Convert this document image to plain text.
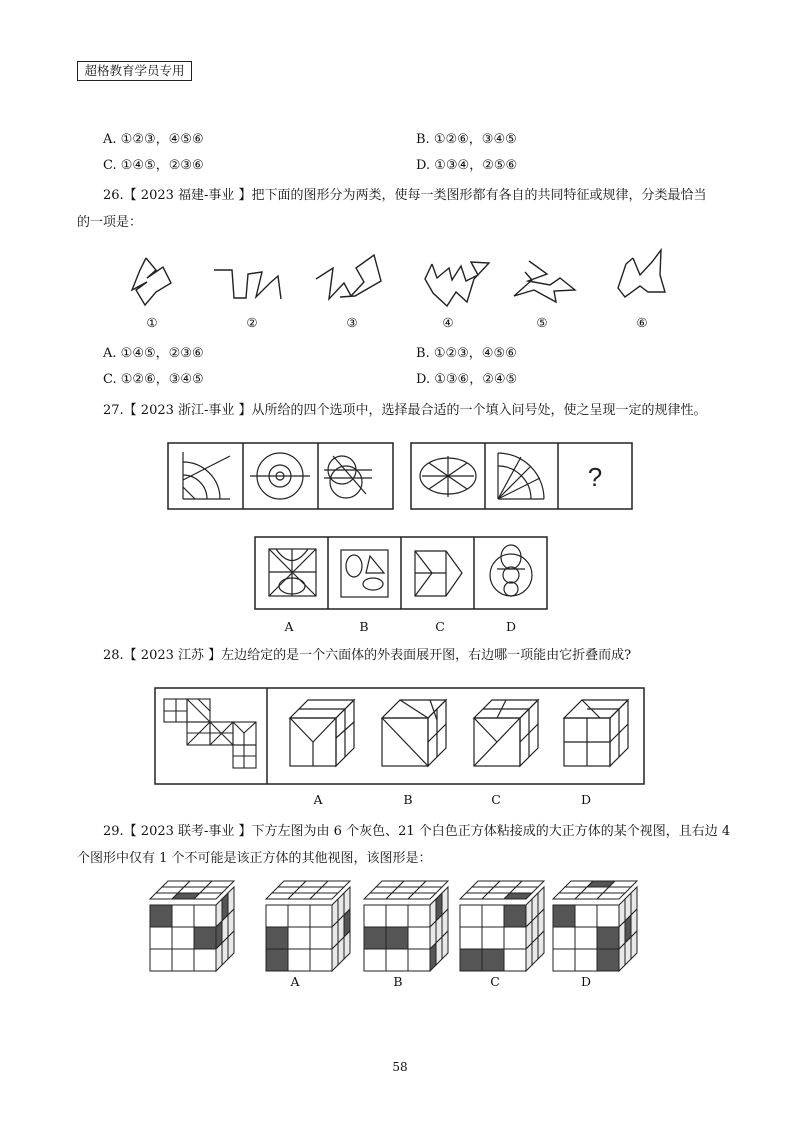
超格教育学员专用
A. ①②③，④⑤⑥	B. ①②⑥，③④⑤
C. ①④⑤，②③⑥	D. ①③④，②⑤⑥
26.【 2023 福建-事业 】把下面的图形分为两类，使每一类图形都有各自的共同特征或规律，分类最恰当
的一项是：
①	②	③	④	⑤	⑥
A. ①④⑤，②③⑥	B. ①②③，④⑤⑥
C. ①②⑥，③④⑤	D. ①③⑥，②④⑤
27.【 2023 浙江-事业 】从所给的四个选项中，选择最合适的一个填入问号处，使之呈现一定的规律性。
?
A	B	C	D
28.【 2023 江苏 】左边给定的是一个六面体的外表面展开图，右边哪一项能由它折叠而成?
A	B	C	D
29.【 2023 联考-事业 】下方左图为由 6 个灰色、21 个白色正方体粘接成的大正方体的某个视图，且右边 4
个图形中仅有 1 个不可能是该正方体的其他视图，该图形是：
A	B	C	D
58
